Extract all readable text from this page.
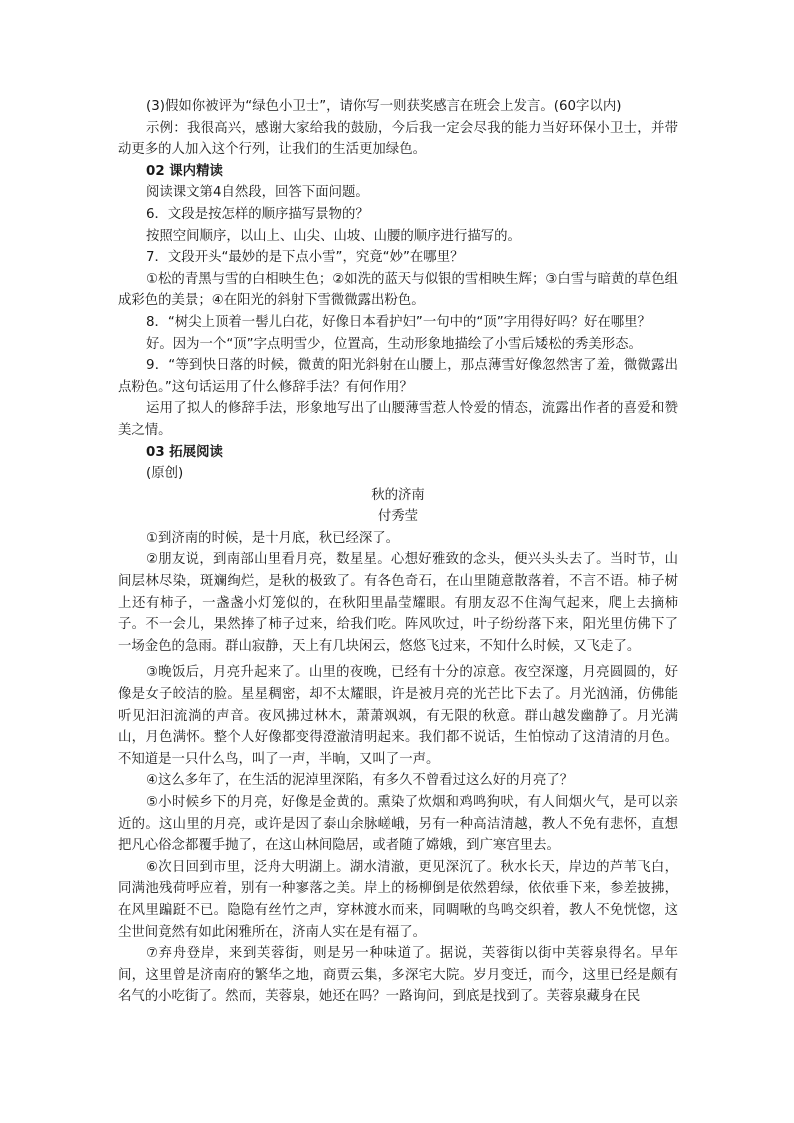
(3)假如你被评为“绿色小卫士”，请你写一则获奖感言在班会上发言。(60字以内)

示例：我很高兴，感谢大家给我的鼓励，今后我一定会尽我的能力当好环保小卫士，并带动更多的人加入这个行列，让我们的生活更加绿色。

02 课内精读

阅读课文第4自然段，回答下面问题。

6．文段是按怎样的顺序描写景物的？

按照空间顺序，以山上、山尖、山坡、山腰的顺序进行描写的。

7．文段开头“最妙的是下点小雪”，究竟“妙”在哪里？

①松的青黑与雪的白相映生色；②如洗的蓝天与似银的雪相映生辉；③白雪与暗黄的草色组成彩色的美景；④在阳光的斜射下雪微微露出粉色。

8．“树尖上顶着一髻儿白花，好像日本看护妇”一句中的“顶”字用得好吗？好在哪里？

好。因为一个“顶”字点明雪少，位置高，生动形象地描绘了小雪后矮松的秀美形态。

9．“等到快日落的时候，微黄的阳光斜射在山腰上，那点薄雪好像忽然害了羞，微微露出点粉色。”这句话运用了什么修辞手法？有何作用？

运用了拟人的修辞手法，形象地写出了山腰薄雪惹人怜爱的情态，流露出作者的喜爱和赞美之情。

03 拓展阅读

(原创)

秋的济南

付秀莹

①到济南的时候，是十月底，秋已经深了。

②朋友说，到南部山里看月亮，数星星。心想好雅致的念头，便兴头头去了。当时节，山间层林尽染，斑斓绚烂，是秋的极致了。有各色奇石，在山里随意散落着，不言不语。柿子树上还有柿子，一盏盏小灯笼似的，在秋阳里晶莹耀眼。有朋友忍不住淘气起来，爬上去摘柿子。不一会儿，果然捧了柿子过来，给我们吃。阵风吹过，叶子纷纷落下来，阳光里仿佛下了一场金色的急雨。群山寂静，天上有几块闲云，悠悠飞过来，不知什么时候，又飞走了。

③晚饭后，月亮升起来了。山里的夜晚，已经有十分的凉意。夜空深邃，月亮圆圆的，好像是女子皎洁的脸。星星稠密，却不太耀眼，许是被月亮的光芒比下去了。月光汹涌，仿佛能听见汩汩流淌的声音。夜风拂过林木，萧萧飒飒，有无限的秋意。群山越发幽静了。月光满山，月色满怀。整个人好像都变得澄澈清明起来。我们都不说话，生怕惊动了这清清的月色。不知道是一只什么鸟，叫了一声，半晌，又叫了一声。

④这么多年了，在生活的泥淖里深陷，有多久不曾看过这么好的月亮了？

⑤小时候乡下的月亮，好像是金黄的。熏染了炊烟和鸡鸣狗吠，有人间烟火气，是可以亲近的。这山里的月亮，或许是因了泰山余脉嵯峨，另有一种高洁清越，教人不免有悲怀，直想把凡心俗念都覆手抛了，在这山林间隐居，或者随了嫦娥，到广寒宫里去。

⑥次日回到市里，泛舟大明湖上。湖水清澈，更见深沉了。秋水长天，岸边的芦苇飞白，同满池残荷呼应着，别有一种寥落之美。岸上的杨柳倒是依然碧绿，依依垂下来，参差披拂，在风里蹁跹不已。隐隐有丝竹之声，穿林渡水而来，同啁啾的鸟鸣交织着，教人不免恍惚，这尘世间竟然有如此闲雅所在，济南人实在是有福了。

⑦弃舟登岸，来到芙蓉街，则是另一种味道了。据说，芙蓉街以街中芙蓉泉得名。早年间，这里曾是济南府的繁华之地，商贾云集，多深宅大院。岁月变迁，而今，这里已经是颇有名气的小吃街了。然而，芙蓉泉，她还在吗？一路询问，到底是找到了。芙蓉泉藏身在民
